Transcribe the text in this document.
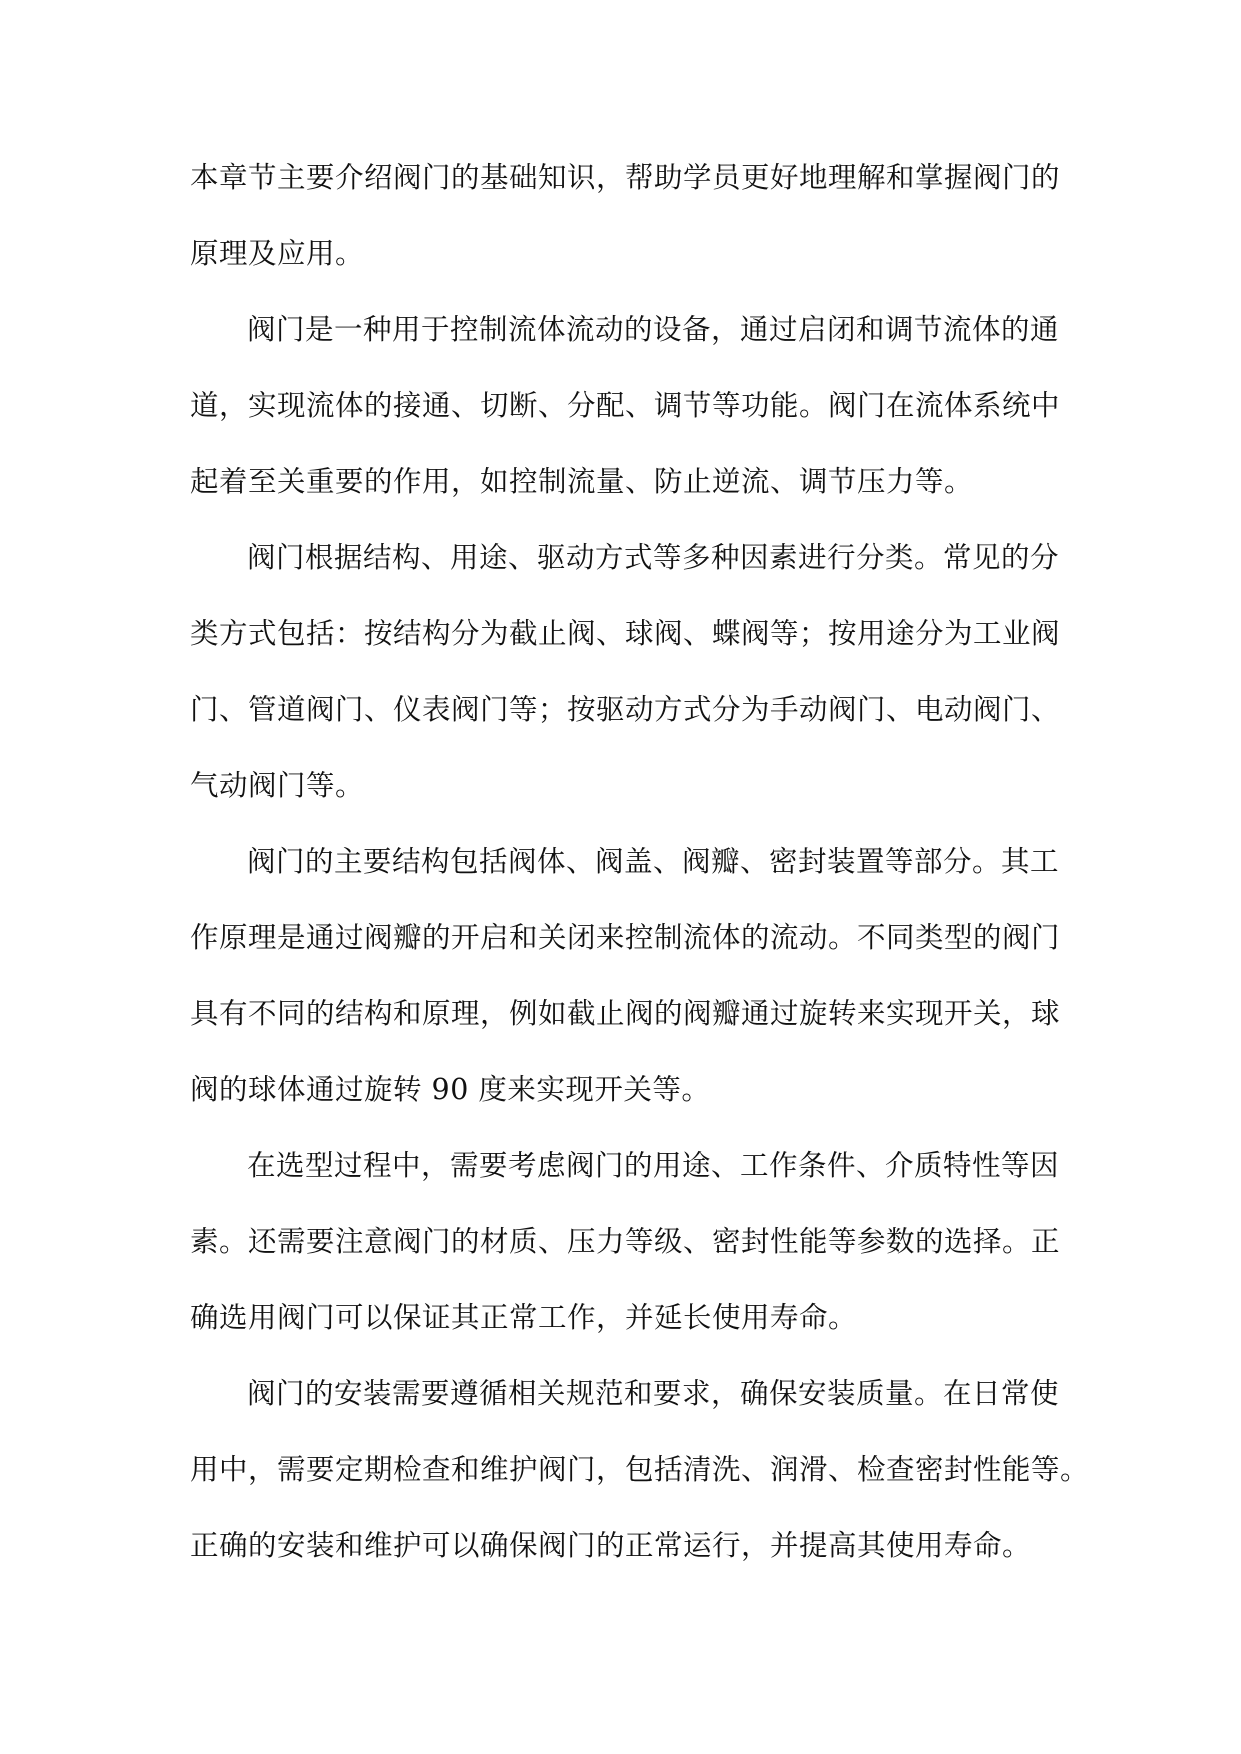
本章节主要介绍阀门的基础知识，帮助学员更好地理解和掌握阀门的
原理及应用。

阀门是一种用于控制流体流动的设备，通过启闭和调节流体的通
道，实现流体的接通、切断、分配、调节等功能。阀门在流体系统中
起着至关重要的作用，如控制流量、防止逆流、调节压力等。

阀门根据结构、用途、驱动方式等多种因素进行分类。常见的分
类方式包括：按结构分为截止阀、球阀、蝶阀等；按用途分为工业阀
门、管道阀门、仪表阀门等；按驱动方式分为手动阀门、电动阀门、
气动阀门等。

阀门的主要结构包括阀体、阀盖、阀瓣、密封装置等部分。其工
作原理是通过阀瓣的开启和关闭来控制流体的流动。不同类型的阀门
具有不同的结构和原理，例如截止阀的阀瓣通过旋转来实现开关，球
阀的球体通过旋转 90 度来实现开关等。

在选型过程中，需要考虑阀门的用途、工作条件、介质特性等因
素。还需要注意阀门的材质、压力等级、密封性能等参数的选择。正
确选用阀门可以保证其正常工作，并延长使用寿命。

阀门的安装需要遵循相关规范和要求，确保安装质量。在日常使
用中，需要定期检查和维护阀门，包括清洗、润滑、检查密封性能等。
正确的安装和维护可以确保阀门的正常运行，并提高其使用寿命。
